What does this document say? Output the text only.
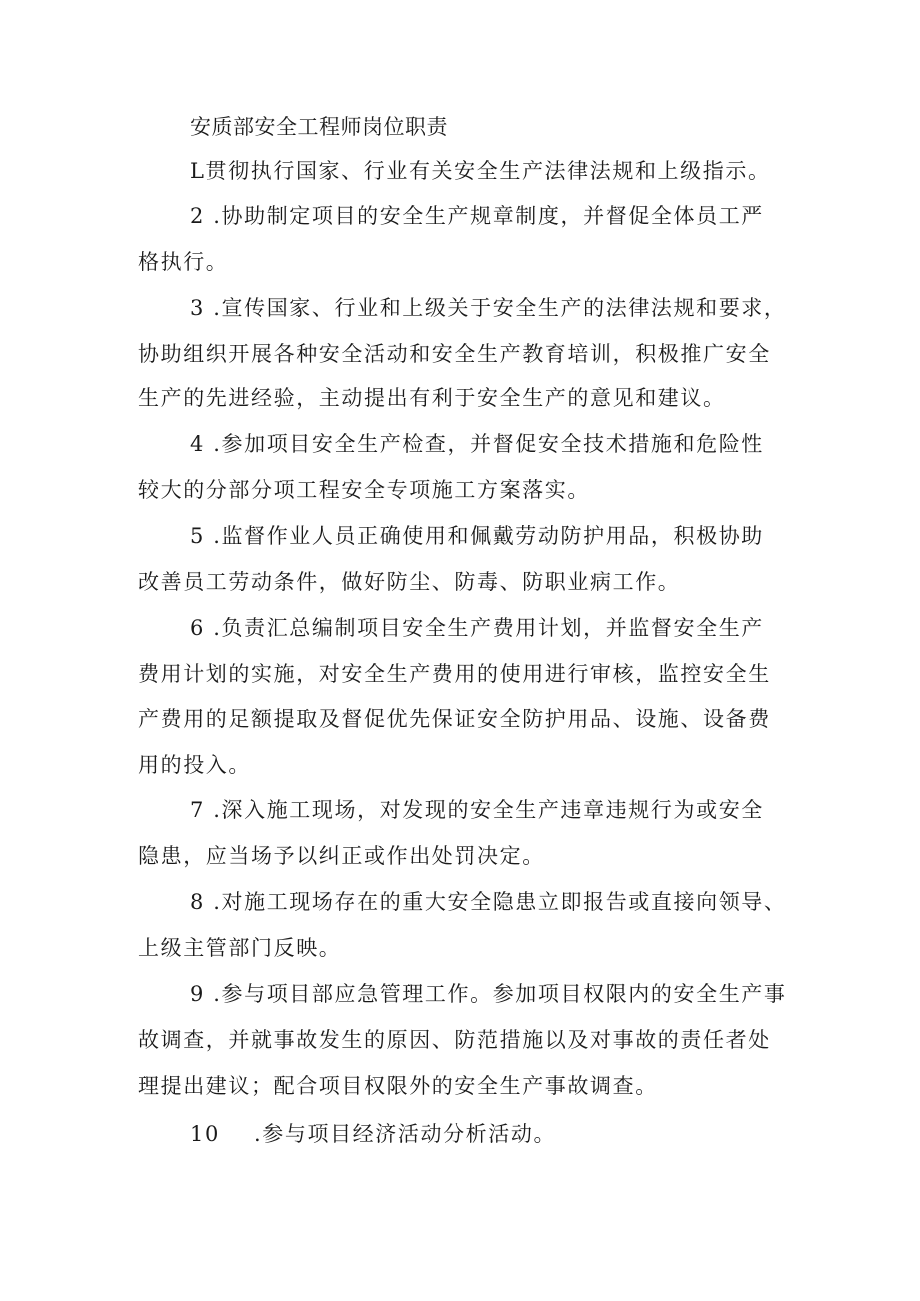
安质部安全工程师岗位职责
L贯彻执行国家、行业有关安全生产法律法规和上级指示。
2 .协助制定项目的安全生产规章制度，并督促全体员工严
格执行。
3 .宣传国家、行业和上级关于安全生产的法律法规和要求，
协助组织开展各种安全活动和安全生产教育培训，积极推广安全
生产的先进经验，主动提出有利于安全生产的意见和建议。
4 .参加项目安全生产检查，并督促安全技术措施和危险性
较大的分部分项工程安全专项施工方案落实。
5 .监督作业人员正确使用和佩戴劳动防护用品，积极协助
改善员工劳动条件，做好防尘、防毒、防职业病工作。
6 .负责汇总编制项目安全生产费用计划，并监督安全生产
费用计划的实施，对安全生产费用的使用进行审核，监控安全生
产费用的足额提取及督促优先保证安全防护用品、设施、设备费
用的投入。
7 .深入施工现场，对发现的安全生产违章违规行为或安全
隐患，应当场予以纠正或作出处罚决定。
8 .对施工现场存在的重大安全隐患立即报告或直接向领导、
上级主管部门反映。
9 .参与项目部应急管理工作。参加项目权限内的安全生产事
故调查，并就事故发生的原因、防范措施以及对事故的责任者处
理提出建议；配合项目权限外的安全生产事故调查。
10 .参与项目经济活动分析活动。
